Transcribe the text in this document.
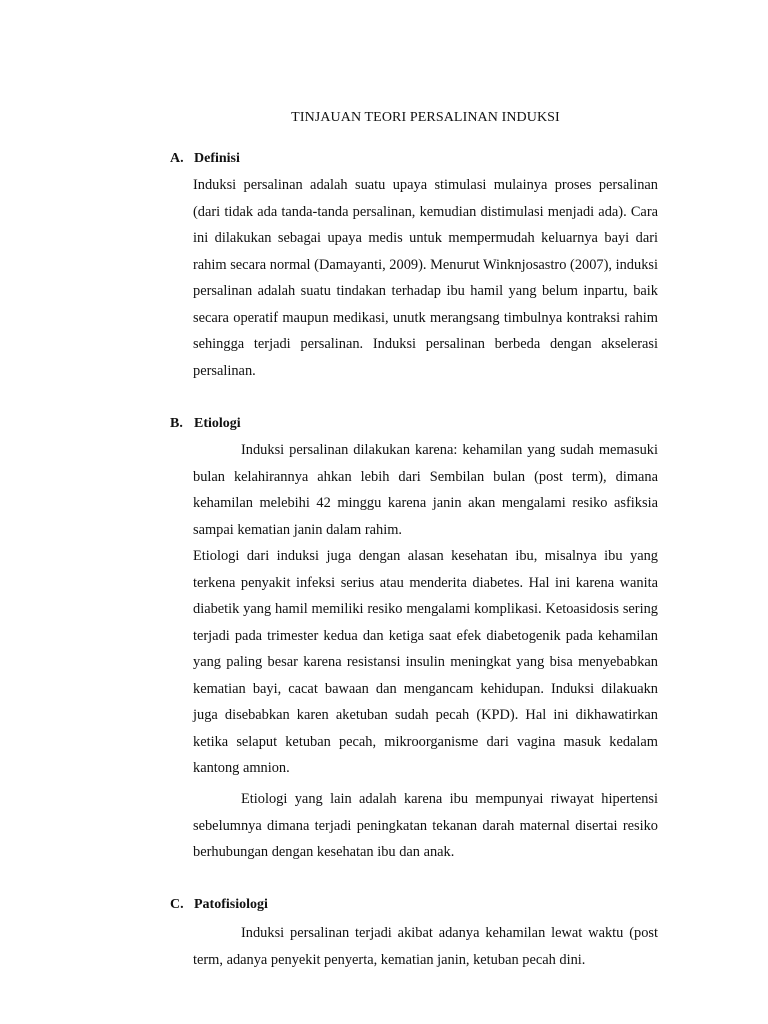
TINJAUAN TEORI PERSALINAN INDUKSI
A. Definisi

Induksi persalinan adalah suatu upaya stimulasi mulainya proses persalinan (dari tidak ada tanda-tanda persalinan, kemudian distimulasi menjadi ada). Cara ini dilakukan sebagai upaya medis untuk mempermudah keluarnya bayi dari rahim secara normal (Damayanti, 2009). Menurut Winknjosastro (2007), induksi persalinan adalah suatu tindakan terhadap ibu hamil yang belum inpartu, baik secara operatif maupun medikasi, unutk merangsang timbulnya kontraksi rahim sehingga terjadi persalinan. Induksi persalinan berbeda dengan akselerasi persalinan.

B. Etiologi

Induksi persalinan dilakukan karena: kehamilan yang sudah memasuki bulan kelahirannya ahkan lebih dari Sembilan bulan (post term), dimana kehamilan melebihi 42 minggu karena janin akan mengalami resiko asfiksia sampai kematian janin dalam rahim.

Etiologi dari induksi juga dengan alasan kesehatan ibu, misalnya ibu yang terkena penyakit infeksi serius atau menderita diabetes. Hal ini karena wanita diabetik yang hamil memiliki resiko mengalami komplikasi. Ketoasidosis sering terjadi pada trimester kedua dan ketiga saat efek diabetogenik pada kehamilan yang paling besar karena resistansi insulin meningkat yang bisa menyebabkan kematian bayi, cacat bawaan dan mengancam kehidupan. Induksi dilakuakn juga disebabkan karen aketuban sudah pecah (KPD). Hal ini dikhawatirkan ketika selaput ketuban pecah, mikroorganisme dari vagina masuk kedalam kantong amnion.

Etiologi yang lain adalah karena ibu mempunyai riwayat hipertensi sebelumnya dimana terjadi peningkatan tekanan darah maternal disertai resiko berhubungan dengan kesehatan ibu dan anak.

C. Patofisiologi

Induksi persalinan terjadi akibat adanya kehamilan lewat waktu (post term, adanya penyekit penyerta, kematian janin, ketuban pecah dini.
